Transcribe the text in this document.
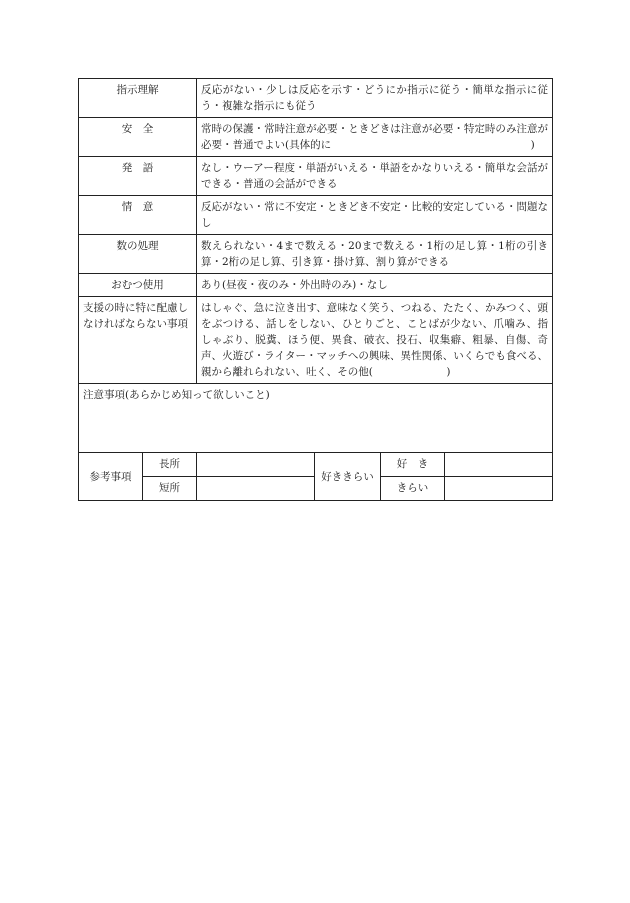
指示理解		反応がない・少しは反応を示す・どうにか指示に従う・簡単な指示に従う・複雑な指示にも従う			
安　全		常時の保護・常時注意が必要・ときどきは注意が必要・特定時のみ注意が必要・普通でよい(具体的に　　　　　　　　　　　　　　　　　　　)			
発　語		なし・ウーアー程度・単語がいえる・単語をかなりいえる・簡単な会話ができる・普通の会話ができる			
情　意		反応がない・常に不安定・ときどき不安定・比較的安定している・問題なし			
数の処理		数えられない・4まで数える・20まで数える・1桁の足し算・1桁の引き算・2桁の足し算、引き算・掛け算、割り算ができる			
おむつ使用		あり(昼夜・夜のみ・外出時のみ)・なし			
支援の時に特に配慮しなければならない事項		はしゃぐ、急に泣き出す、意味なく笑う、つねる、たたく、かみつく、頭をぶつける、話しをしない、ひとりごと、ことばが少ない、爪噛み、指しゃぶり、脱糞、ほう便、異食、破衣、投石、収集癖、粗暴、自傷、奇声、火遊び・ライター・マッチへの興味、異性関係、いくらでも食べる、親から離れられない、吐く、その他(　　　　　　　)			

注意事項(あらかじめ知って欲しいこと)					

参考事項	長所		好ききらい	好　き	
	短所			きらい	
